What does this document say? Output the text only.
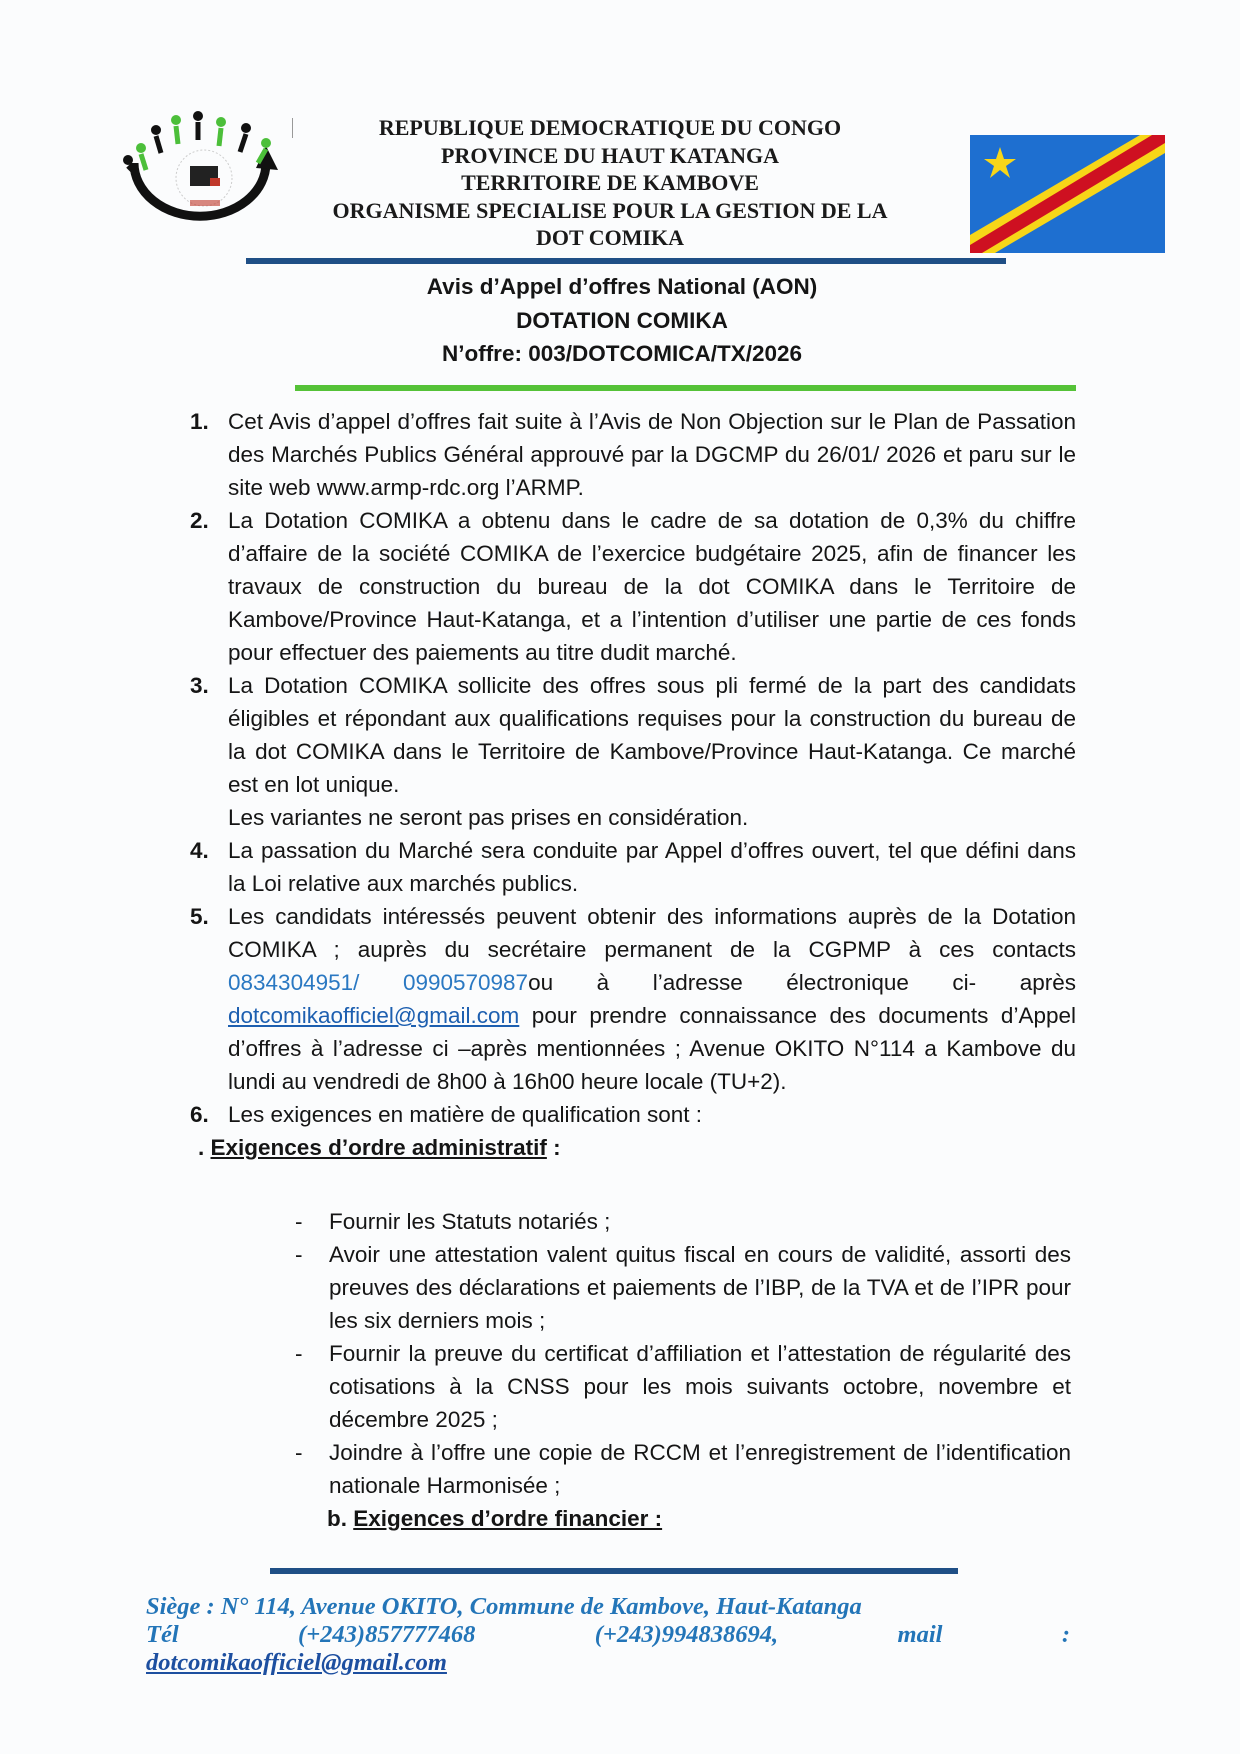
REPUBLIQUE DEMOCRATIQUE DU CONGO
PROVINCE DU HAUT KATANGA
TERRITOIRE DE KAMBOVE
ORGANISME SPECIALISE POUR LA GESTION DE LA
DOT COMIKA
Avis d’Appel d’offres National (AON)
DOTATION COMIKA
N’offre: 003/DOTCOMICA/TX/2026
1. Cet Avis d’appel d’offres fait suite à l’Avis de Non Objection sur le Plan de Passation des Marchés Publics Général approuvé par la DGCMP du 26/01/ 2026 et paru sur le site web www.armp-rdc.org l’ARMP.
2. La Dotation COMIKA a obtenu dans le cadre de sa dotation de 0,3% du chiffre d’affaire de la société COMIKA de l’exercice budgétaire 2025, afin de financer les travaux de construction du bureau de la dot COMIKA dans le Territoire de Kambove/Province Haut-Katanga, et a l’intention d’utiliser une partie de ces fonds pour effectuer des paiements au titre dudit marché.
3. La Dotation COMIKA sollicite des offres sous pli fermé de la part des candidats éligibles et répondant aux qualifications requises pour la construction du bureau de la dot COMIKA dans le Territoire de Kambove/Province Haut-Katanga. Ce marché est en lot unique.
Les variantes ne seront pas prises en considération.
4. La passation du Marché sera conduite par Appel d’offres ouvert, tel que défini dans la Loi relative aux marchés publics.
5. Les candidats intéressés peuvent obtenir des informations auprès de la Dotation COMIKA ; auprès du secrétaire permanent de la CGPMP à ces contacts 0834304951/ 0990570987ou à l’adresse électronique ci- après dotcomikaofficiel@gmail.com pour prendre connaissance des documents d’Appel d’offres à l’adresse ci –après mentionnées ; Avenue OKITO N°114 a Kambove du lundi au vendredi de 8h00 à 16h00 heure locale (TU+2).
6. Les exigences en matière de qualification sont :
. Exigences d’ordre administratif :
-	Fournir les Statuts notariés ;
-	Avoir une attestation valent quitus fiscal en cours de validité, assorti des preuves des déclarations et paiements de l’IBP, de la TVA et de l’IPR pour les six derniers mois ;
-	Fournir la preuve du certificat d’affiliation et l’attestation de régularité des cotisations à la CNSS pour les mois suivants octobre, novembre et décembre 2025 ;
-	Joindre à l’offre une copie de RCCM et l’enregistrement de l’identification nationale Harmonisée ;
b. Exigences d’ordre financier :
Siège : N° 114, Avenue OKITO, Commune de Kambove, Haut-Katanga
Tél	(+243)857777468	(+243)994838694,	mail	:
dotcomikaofficiel@gmail.com
